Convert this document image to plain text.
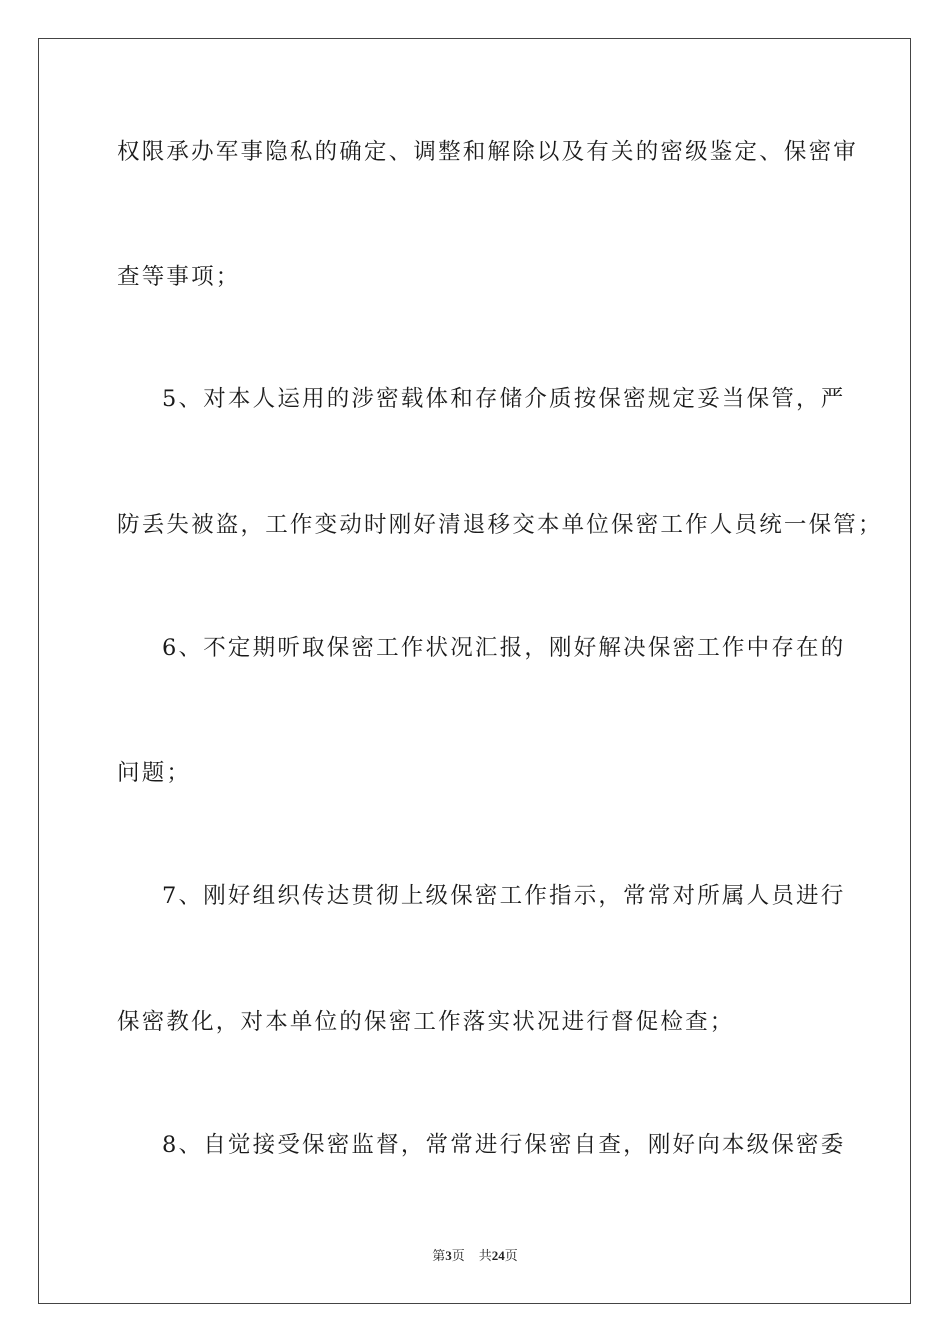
权限承办军事隐私的确定、调整和解除以及有关的密级鉴定、保密审
查等事项；
5、对本人运用的涉密载体和存储介质按保密规定妥当保管，严
防丢失被盗，工作变动时刚好清退移交本单位保密工作人员统一保管；
6、不定期听取保密工作状况汇报，刚好解决保密工作中存在的
问题；
7、刚好组织传达贯彻上级保密工作指示，常常对所属人员进行
保密教化，对本单位的保密工作落实状况进行督促检查；
8、自觉接受保密监督，常常进行保密自查，刚好向本级保密委
第3页 共24页
